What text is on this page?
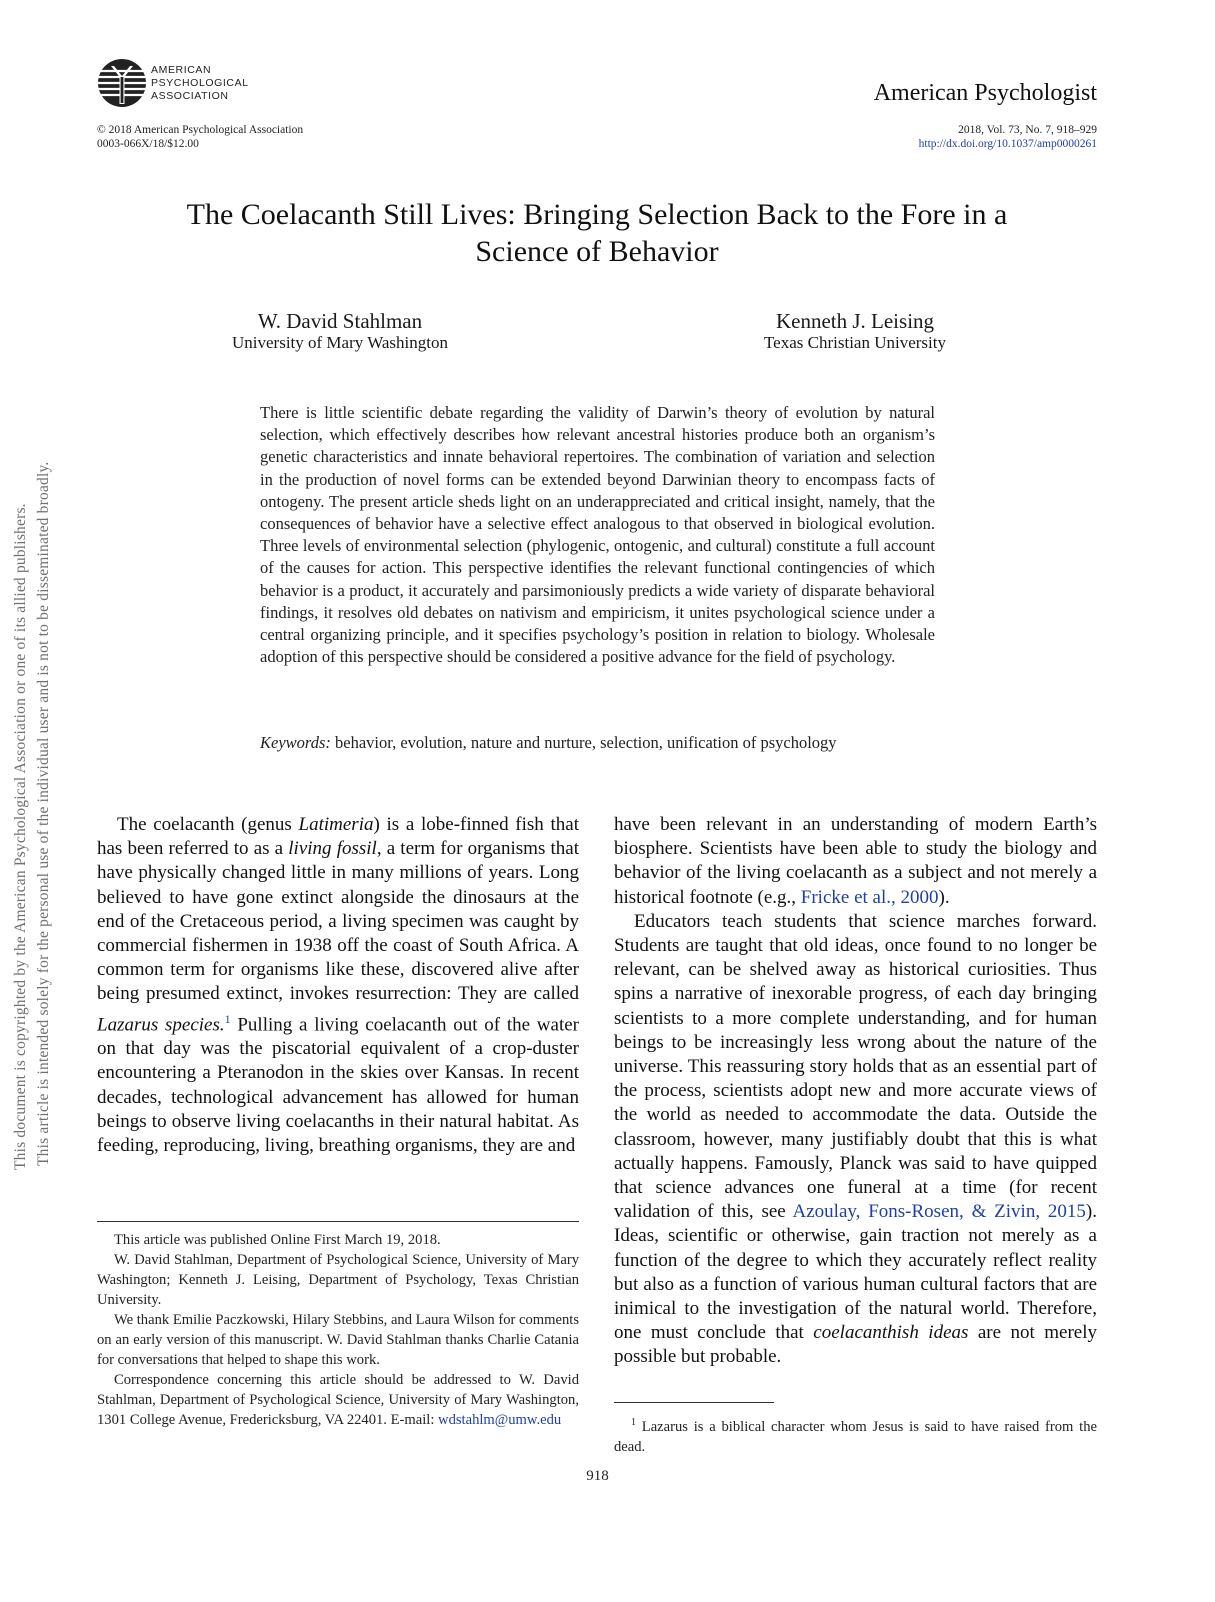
This document is copyrighted by the American Psychological Association or one of its allied publishers. This article is intended solely for the personal use of the individual user and is not to be disseminated broadly.
AMERICAN
PSYCHOLOGICAL
ASSOCIATION	American Psychologist
© 2018 American Psychological Association
0003-066X/18/$12.00
2018, Vol. 73, No. 7, 918–929
http://dx.doi.org/10.1037/amp0000261
The Coelacanth Still Lives: Bringing Selection Back to the Fore in a
Science of Behavior
W. David Stahlman
University of Mary Washington
Kenneth J. Leising
Texas Christian University
There is little scientific debate regarding the validity of Darwin’s theory of evolution by natural selection, which effectively describes how relevant ancestral histories produce both an organism’s genetic characteristics and innate behavioral repertoires. The combination of variation and selection in the production of novel forms can be extended beyond Darwinian theory to encompass facts of ontogeny. The present article sheds light on an underappreciated and critical insight, namely, that the consequences of behavior have a selective effect analogous to that observed in biological evolution. Three levels of environmental selection (phylogenic, ontogenic, and cultural) constitute a full account of the causes for action. This perspective identifies the relevant functional contingencies of which behavior is a product, it accurately and parsimoniously predicts a wide variety of disparate behavioral findings, it resolves old debates on nativism and empiricism, it unites psychological science under a central organizing principle, and it specifies psychology’s position in relation to biology. Wholesale adoption of this perspective should be considered a positive advance for the field of psychology.
Keywords: behavior, evolution, nature and nurture, selection, unification of psychology

The coelacanth (genus Latimeria) is a lobe-finned fish that has been referred to as a living fossil, a term for organisms that have physically changed little in many millions of years. Long believed to have gone extinct alongside the dinosaurs at the end of the Cretaceous period, a living specimen was caught by commercial fishermen in 1938 off the coast of South Africa. A common term for organisms like these, discovered alive after being presumed extinct, invokes resurrection: They are called Lazarus species.$^1$ Pulling a living coelacanth out of the water on that day was the piscatorial equivalent of a crop-duster encountering a Pteranodon in the skies over Kansas. In recent decades, technological advancement has allowed for human beings to observe living coelacanths in their natural habitat. As feeding, reproducing, living, breathing organisms, they are and

have been relevant in an understanding of modern Earth’s biosphere. Scientists have been able to study the biology and behavior of the living coelacanth as a subject and not merely a historical footnote (e.g., Fricke et al., 2000).

Educators teach students that science marches forward. Students are taught that old ideas, once found to no longer be relevant, can be shelved away as historical curiosities. Thus spins a narrative of inexorable progress, of each day bringing scientists to a more complete understanding, and for human beings to be increasingly less wrong about the nature of the universe. This reassuring story holds that as an essential part of the process, scientists adopt new and more accurate views of the world as needed to accommodate the data. Outside the classroom, however, many justifiably doubt that this is what actually happens. Famously, Planck was said to have quipped that science advances one funeral at a time (for recent validation of this, see Azoulay, Fons-Rosen, & Zivin, 2015). Ideas, scientific or otherwise, gain traction not merely as a function of the degree to which they accurately reflect reality but also as a function of various human cultural factors that are inimical to the investigation of the natural world. Therefore, one must conclude that coelacanthish ideas are not merely possible but probable.

This article was published Online First March 19, 2018.

W. David Stahlman, Department of Psychological Science, University of Mary Washington; Kenneth J. Leising, Department of Psychology, Texas Christian University.

We thank Emilie Paczkowski, Hilary Stebbins, and Laura Wilson for comments on an early version of this manuscript. W. David Stahlman thanks Charlie Catania for conversations that helped to shape this work.

Correspondence concerning this article should be addressed to W. David Stahlman, Department of Psychological Science, University of Mary Washington, 1301 College Avenue, Fredericksburg, VA 22401. E-mail: wdstahlm@umw.edu	$^1$ Lazarus is a biblical character whom Jesus is said to have raised from the dead.

918
